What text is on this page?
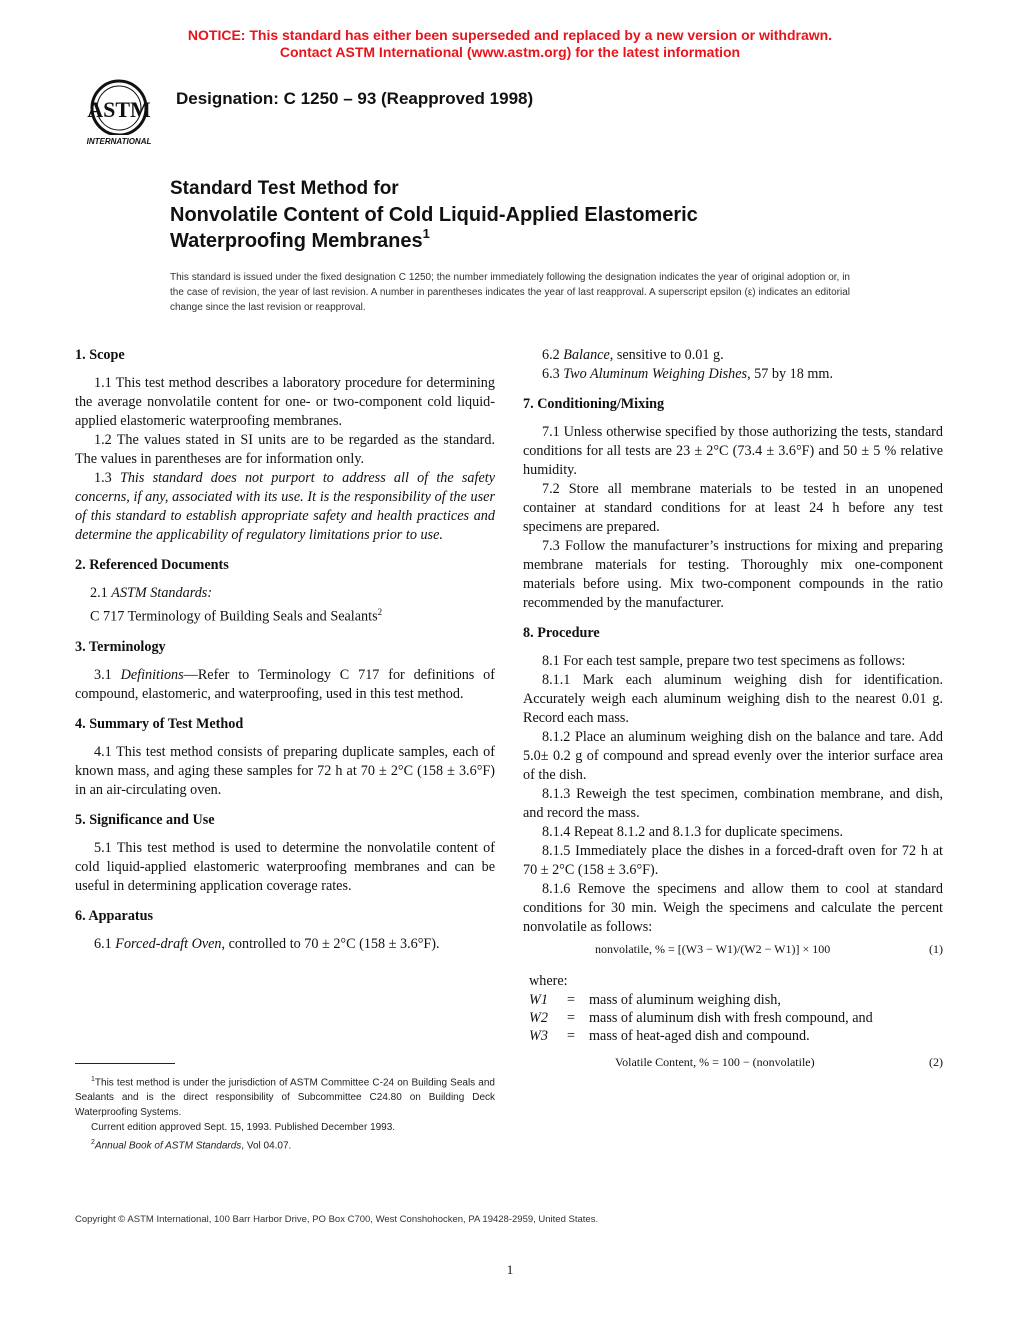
NOTICE: This standard has either been superseded and replaced by a new version or withdrawn.
Contact ASTM International (www.astm.org) for the latest information
ASTM
INTERNATIONAL
Designation: C 1250 – 93 (Reapproved 1998)
Standard Test Method for
Nonvolatile Content of Cold Liquid-Applied Elastomeric
Waterproofing Membranes$^1$
This standard is issued under the fixed designation C 1250; the number immediately following the designation indicates the year of original adoption or, in the case of revision, the year of last revision. A number in parentheses indicates the year of last reapproval. A superscript epsilon (ε) indicates an editorial change since the last revision or reapproval.
1. Scope

1.1 This test method describes a laboratory procedure for determining the average nonvolatile content for one- or two-component cold liquid-applied elastomeric waterproofing membranes.

1.2 The values stated in SI units are to be regarded as the standard. The values in parentheses are for information only.

1.3 This standard does not purport to address all of the safety concerns, if any, associated with its use. It is the responsibility of the user of this standard to establish appropriate safety and health practices and determine the applicability of regulatory limitations prior to use.

2. Referenced Documents

2.1 ASTM Standards:

C 717 Terminology of Building Seals and Sealants$^2$

3. Terminology

3.1 Definitions—Refer to Terminology C 717 for definitions of compound, elastomeric, and waterproofing, used in this test method.

4. Summary of Test Method

4.1 This test method consists of preparing duplicate samples, each of known mass, and aging these samples for 72 h at 70 ± 2°C (158 ± 3.6°F) in an air-circulating oven.

5. Significance and Use

5.1 This test method is used to determine the nonvolatile content of cold liquid-applied elastomeric waterproofing membranes and can be useful in determining application coverage rates.

6. Apparatus

6.1 Forced-draft Oven, controlled to 70 ± 2°C (158 ± 3.6°F).

6.2 Balance, sensitive to 0.01 g.

6.3 Two Aluminum Weighing Dishes, 57 by 18 mm.

7. Conditioning/Mixing

7.1 Unless otherwise specified by those authorizing the tests, standard conditions for all tests are 23 ± 2°C (73.4 ± 3.6°F) and 50 ± 5 % relative humidity.

7.2 Store all membrane materials to be tested in an unopened container at standard conditions for at least 24 h before any test specimens are prepared.

7.3 Follow the manufacturer’s instructions for mixing and preparing membrane materials for testing. Thoroughly mix one-component materials before using. Mix two-component compounds in the ratio recommended by the manufacturer.

8. Procedure

8.1 For each test sample, prepare two test specimens as follows:

8.1.1 Mark each aluminum weighing dish for identification. Accurately weigh each aluminum weighing dish to the nearest 0.01 g. Record each mass.

8.1.2 Place an aluminum weighing dish on the balance and tare. Add 5.0± 0.2 g of compound and spread evenly over the interior surface area of the dish.

8.1.3 Reweigh the test specimen, combination membrane, and dish, and record the mass.

8.1.4 Repeat 8.1.2 and 8.1.3 for duplicate specimens.

8.1.5 Immediately place the dishes in a forced-draft oven for 72 h at 70 ± 2°C (158 ± 3.6°F).

8.1.6 Remove the specimens and allow them to cool at standard conditions for 30 min. Weigh the specimens and calculate the percent nonvolatile as follows:

nonvolatile, % = [(W3 − W1)/(W2 − W1)] × 100	(1)
where:
W1	=	mass of aluminum weighing dish,
W2	=	mass of aluminum dish with fresh compound, and
W3	=	mass of heat-aged dish and compound.
Volatile Content, % = 100 − (nonvolatile)	(2)

$^1$This test method is under the jurisdiction of ASTM Committee C-24 on Building Seals and Sealants and is the direct responsibility of Subcommittee C24.80 on Building Deck Waterproofing Systems.

Current edition approved Sept. 15, 1993. Published December 1993.

$^2$Annual Book of ASTM Standards, Vol 04.07.

Copyright © ASTM International, 100 Barr Harbor Drive, PO Box C700, West Conshohocken, PA 19428-2959, United States.
1
